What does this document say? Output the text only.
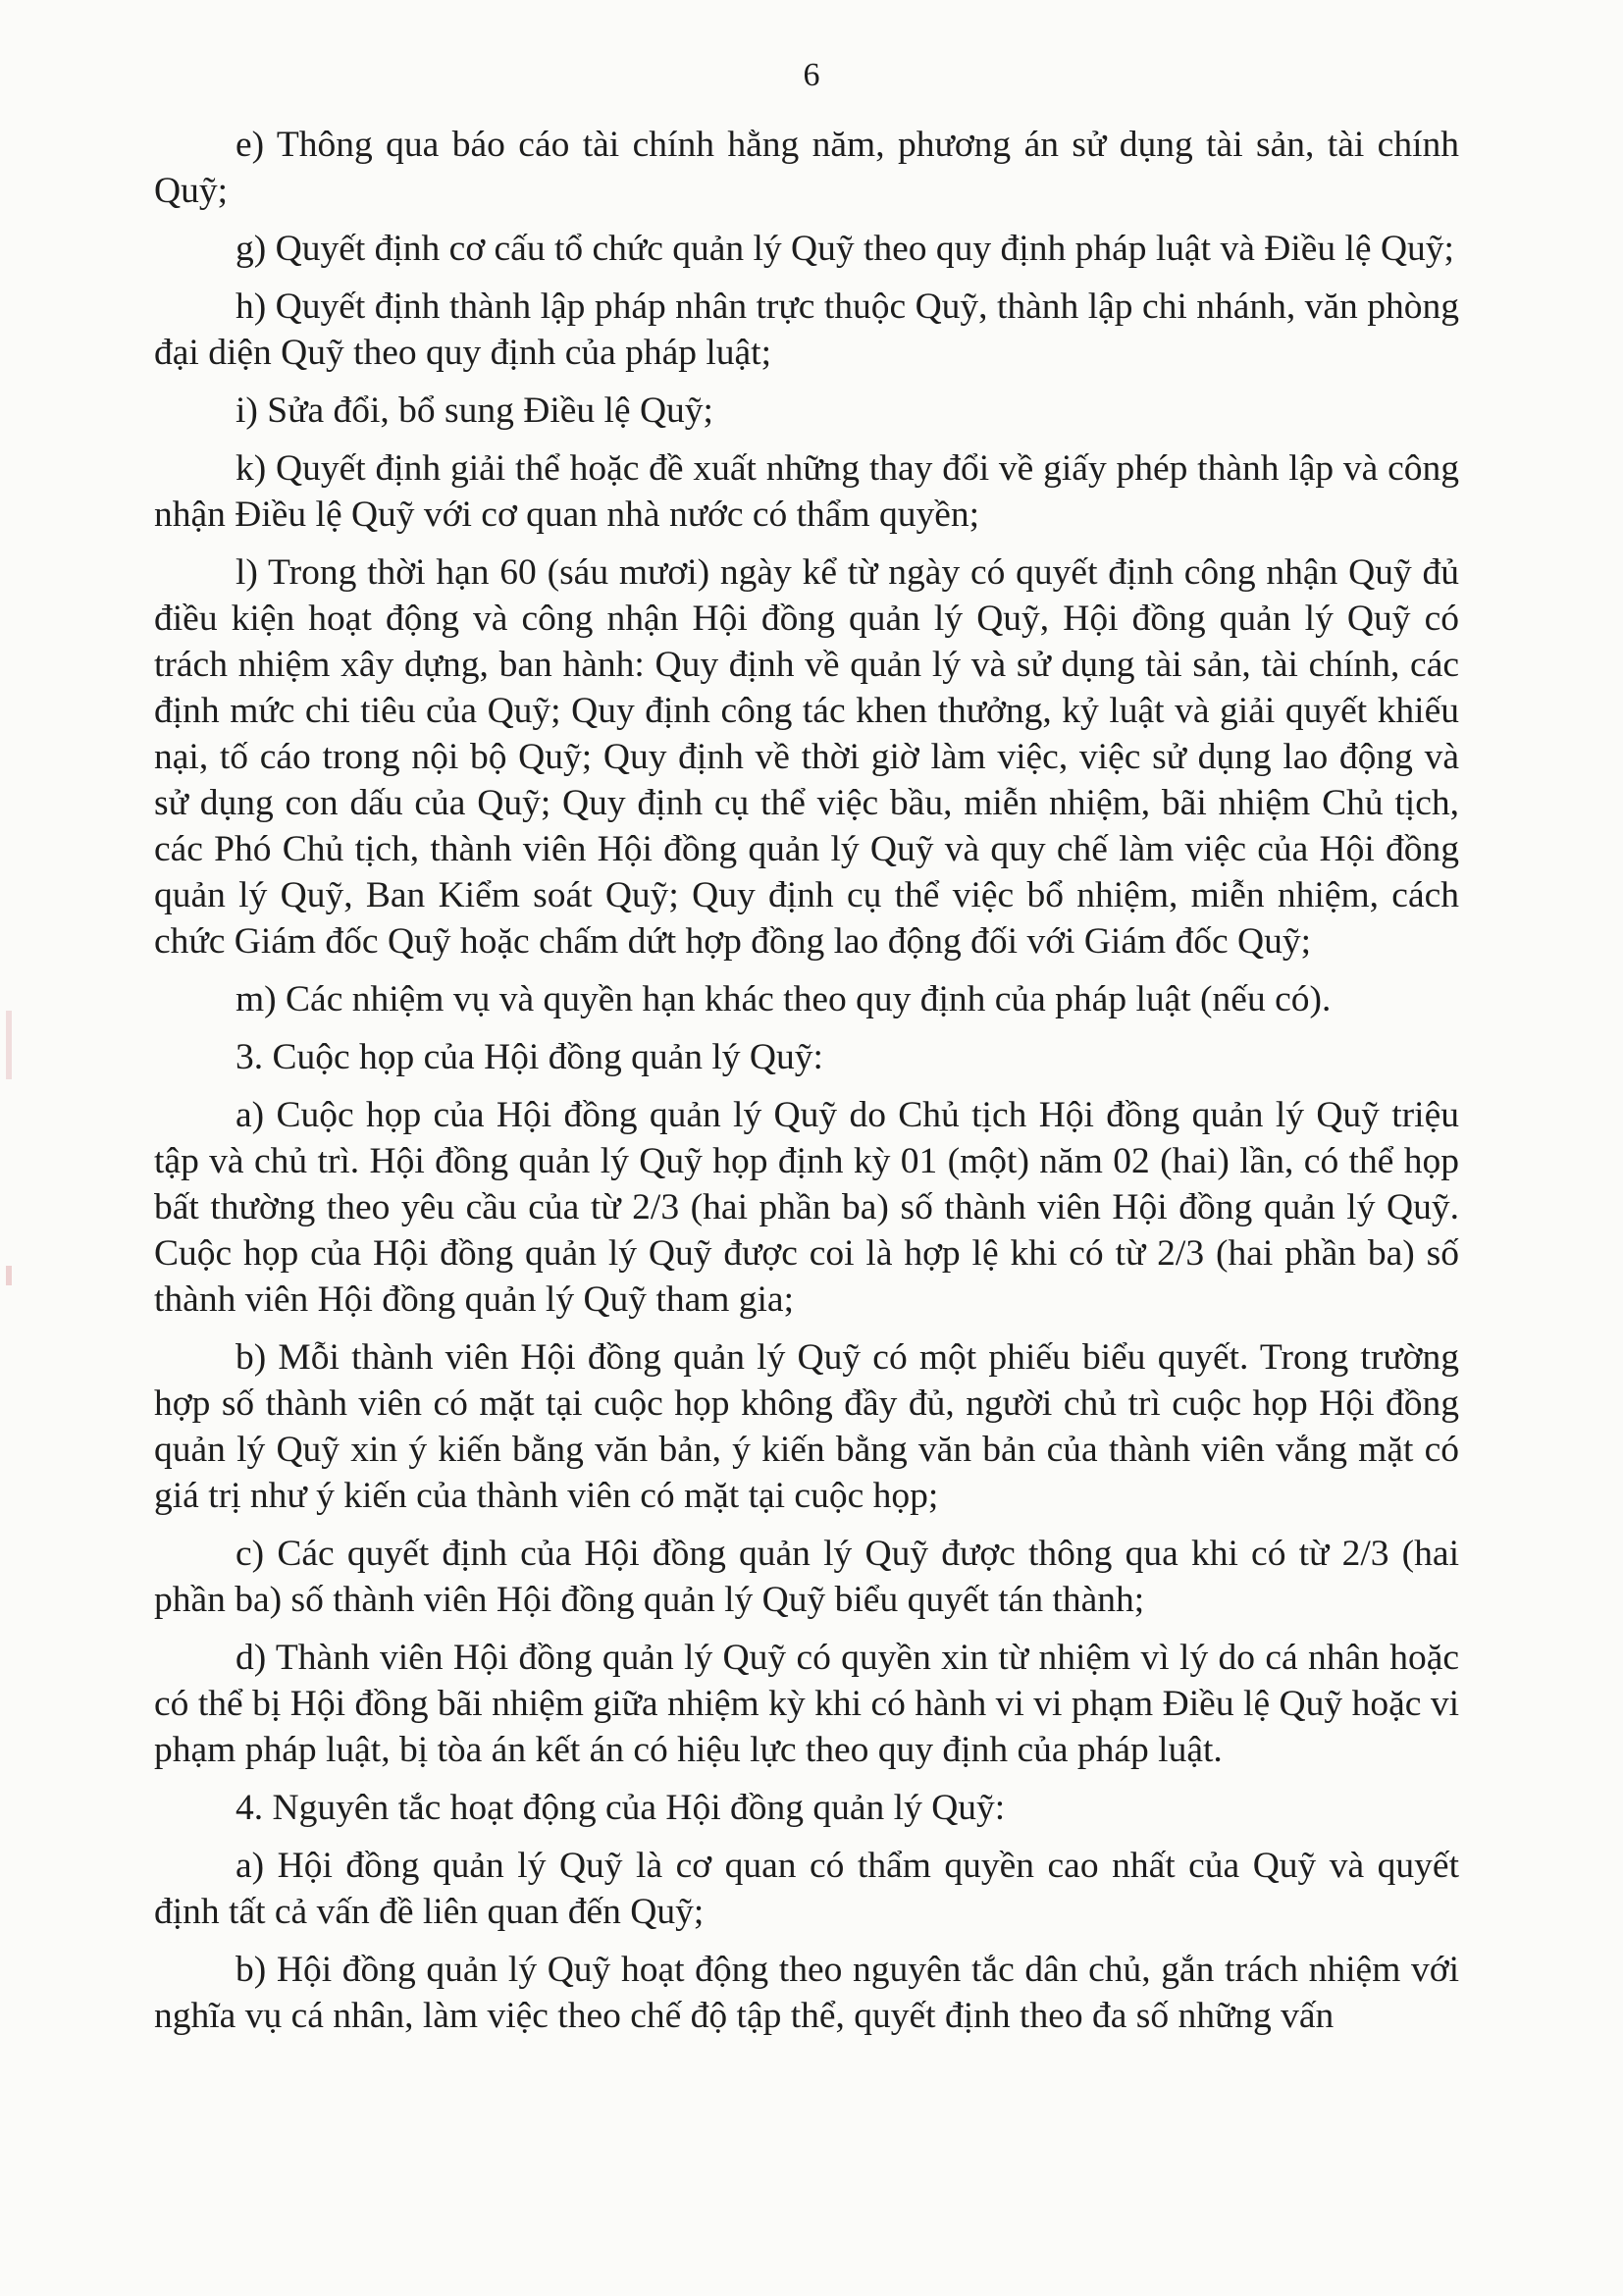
6

e) Thông qua báo cáo tài chính hằng năm, phương án sử dụng tài sản, tài chính Quỹ;

g) Quyết định cơ cấu tổ chức quản lý Quỹ theo quy định pháp luật và Điều lệ Quỹ;

h) Quyết định thành lập pháp nhân trực thuộc Quỹ, thành lập chi nhánh, văn phòng đại diện Quỹ theo quy định của pháp luật;

i) Sửa đổi, bổ sung Điều lệ Quỹ;

k) Quyết định giải thể hoặc đề xuất những thay đổi về giấy phép thành lập và công nhận Điều lệ Quỹ với cơ quan nhà nước có thẩm quyền;

l) Trong thời hạn 60 (sáu mươi) ngày kể từ ngày có quyết định công nhận Quỹ đủ điều kiện hoạt động và công nhận Hội đồng quản lý Quỹ, Hội đồng quản lý Quỹ có trách nhiệm xây dựng, ban hành: Quy định về quản lý và sử dụng tài sản, tài chính, các định mức chi tiêu của Quỹ; Quy định công tác khen thưởng, kỷ luật và giải quyết khiếu nại, tố cáo trong nội bộ Quỹ; Quy định về thời giờ làm việc, việc sử dụng lao động và sử dụng con dấu của Quỹ; Quy định cụ thể việc bầu, miễn nhiệm, bãi nhiệm Chủ tịch, các Phó Chủ tịch, thành viên Hội đồng quản lý Quỹ và quy chế làm việc của Hội đồng quản lý Quỹ, Ban Kiểm soát Quỹ; Quy định cụ thể việc bổ nhiệm, miễn nhiệm, cách chức Giám đốc Quỹ hoặc chấm dứt hợp đồng lao động đối với Giám đốc Quỹ;

m) Các nhiệm vụ và quyền hạn khác theo quy định của pháp luật (nếu có).

3. Cuộc họp của Hội đồng quản lý Quỹ:

a) Cuộc họp của Hội đồng quản lý Quỹ do Chủ tịch Hội đồng quản lý Quỹ triệu tập và chủ trì. Hội đồng quản lý Quỹ họp định kỳ 01 (một) năm 02 (hai) lần, có thể họp bất thường theo yêu cầu của từ 2/3 (hai phần ba) số thành viên Hội đồng quản lý Quỹ. Cuộc họp của Hội đồng quản lý Quỹ được coi là hợp lệ khi có từ 2/3 (hai phần ba) số thành viên Hội đồng quản lý Quỹ tham gia;

b) Mỗi thành viên Hội đồng quản lý Quỹ có một phiếu biểu quyết. Trong trường hợp số thành viên có mặt tại cuộc họp không đầy đủ, người chủ trì cuộc họp Hội đồng quản lý Quỹ xin ý kiến bằng văn bản, ý kiến bằng văn bản của thành viên vắng mặt có giá trị như ý kiến của thành viên có mặt tại cuộc họp;

c) Các quyết định của Hội đồng quản lý Quỹ được thông qua khi có từ 2/3 (hai phần ba) số thành viên Hội đồng quản lý Quỹ biểu quyết tán thành;

d) Thành viên Hội đồng quản lý Quỹ có quyền xin từ nhiệm vì lý do cá nhân hoặc có thể bị Hội đồng bãi nhiệm giữa nhiệm kỳ khi có hành vi vi phạm Điều lệ Quỹ hoặc vi phạm pháp luật, bị tòa án kết án có hiệu lực theo quy định của pháp luật.

4. Nguyên tắc hoạt động của Hội đồng quản lý Quỹ:

a) Hội đồng quản lý Quỹ là cơ quan có thẩm quyền cao nhất của Quỹ và quyết định tất cả vấn đề liên quan đến Quỹ;

b) Hội đồng quản lý Quỹ hoạt động theo nguyên tắc dân chủ, gắn trách nhiệm với nghĩa vụ cá nhân, làm việc theo chế độ tập thể, quyết định theo đa số những vấn
